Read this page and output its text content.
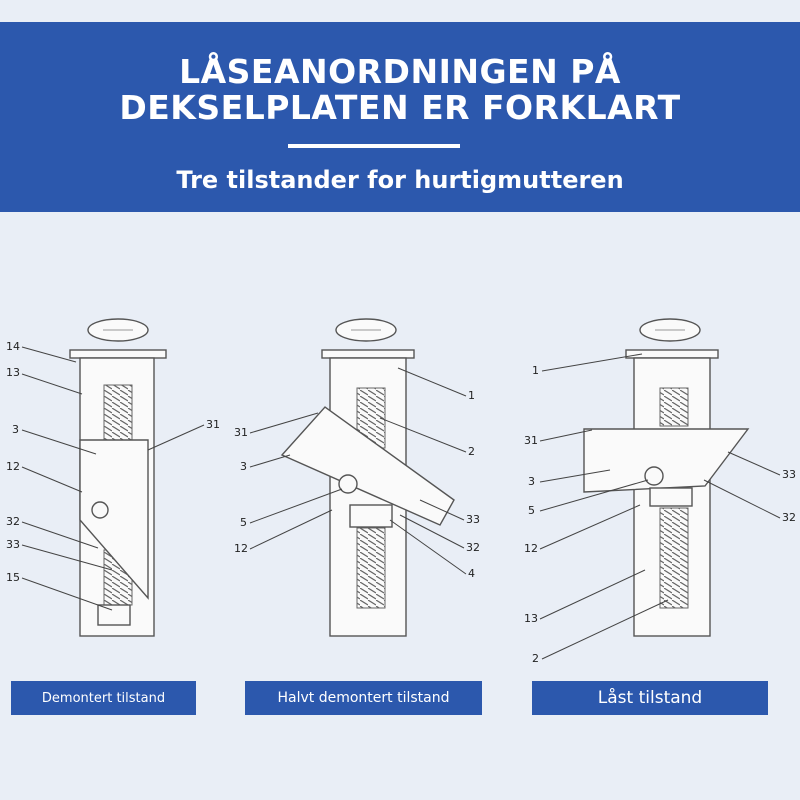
LÅSEANORDNINGEN PÅ
DEKSELPLATEN ER FORKLART
Tre tilstander for hurtigmutteren
14
13
3	31
12
32
33
15
1
31
2
3
5	33
12	32
4
1
31
33
3
5
32
12
13
2
Demontert tilstand	Halvt demontert tilstand	Låst tilstand
